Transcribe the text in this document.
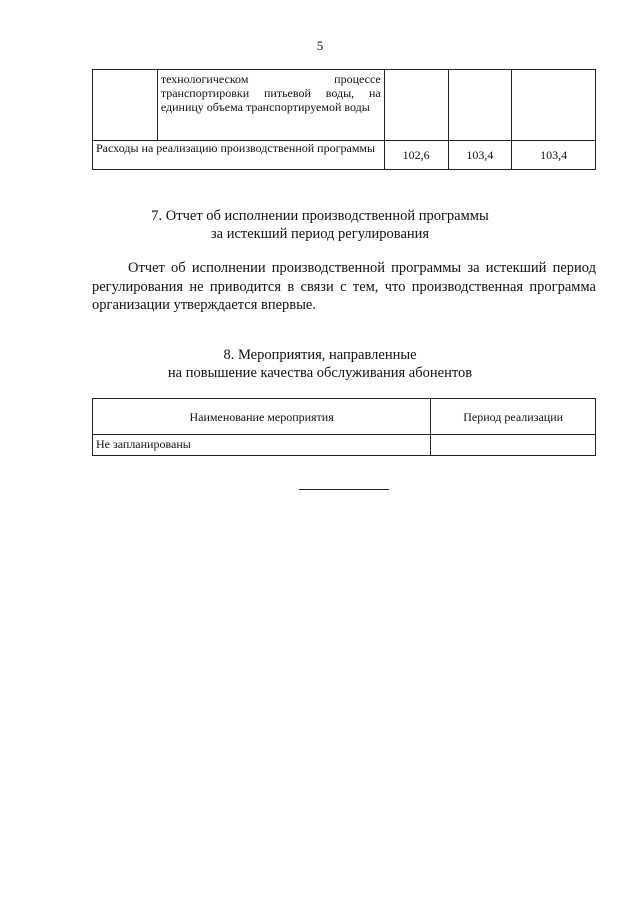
5
	технологическом процессе транспортировки питьевой воды, на единицу объема транспортируемой воды			
Расходы на реализацию производственной программы		102,6	103,4	103,4
7. Отчет об исполнении производственной программы
за истекший период регулирования

Отчет об исполнении производственной программы за истекший период регулирования не приводится в связи с тем, что производственная программа организации утверждается впервые.

8. Мероприятия, направленные
на повышение качества обслуживания абонентов
Наименование мероприятия	Период реализации
Не запланированы	
